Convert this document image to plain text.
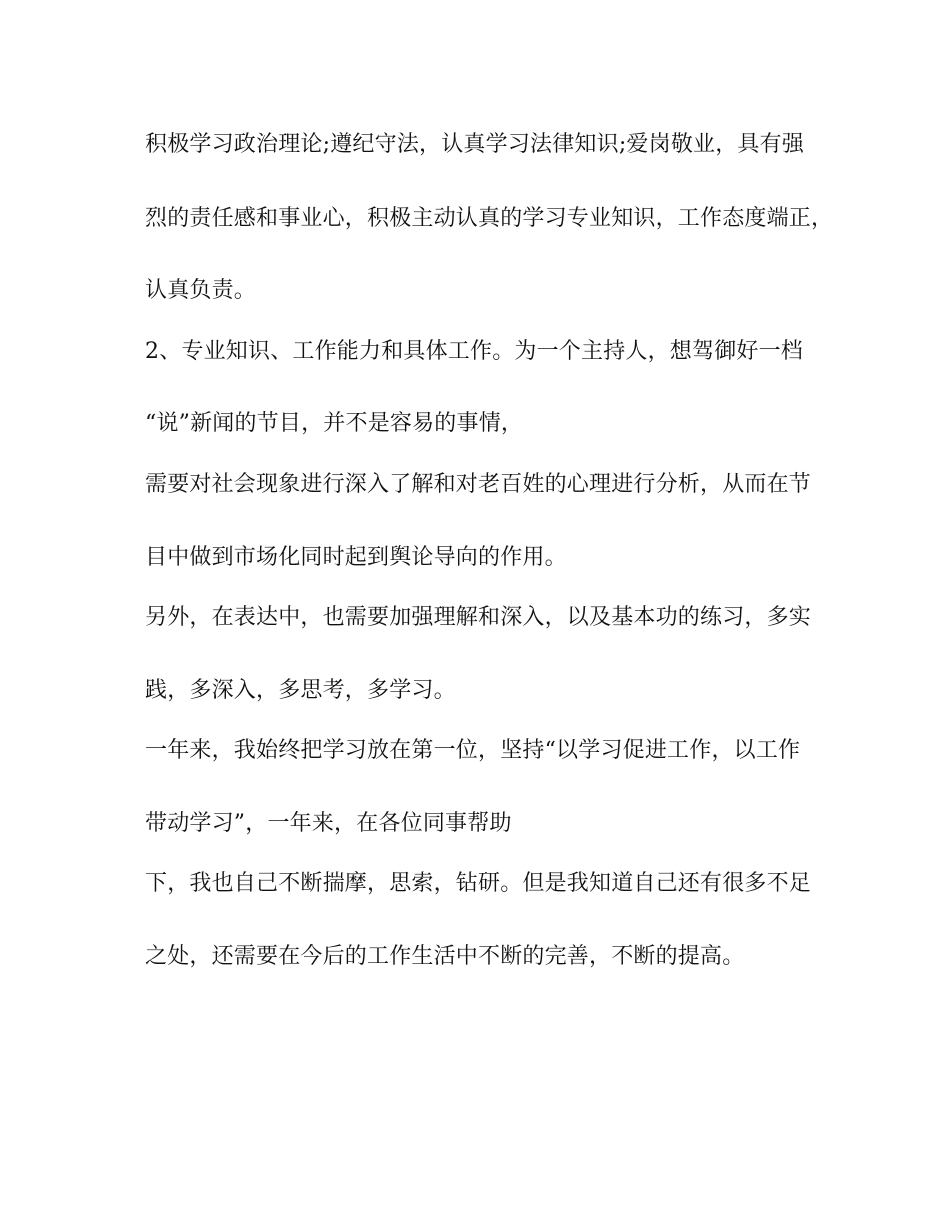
积极学习政治理论;遵纪守法，认真学习法律知识;爱岗敬业，具有强
烈的责任感和事业心，积极主动认真的学习专业知识，工作态度端正，
认真负责。
2、专业知识、工作能力和具体工作。为一个主持人，想驾御好一档
“说”新闻的节目，并不是容易的事情，
需要对社会现象进行深入了解和对老百姓的心理进行分析，从而在节
目中做到市场化同时起到舆论导向的作用。
另外，在表达中，也需要加强理解和深入，以及基本功的练习，多实
践，多深入，多思考，多学习。
一年来，我始终把学习放在第一位，坚持“以学习促进工作，以工作
带动学习”，一年来，在各位同事帮助
下，我也自己不断揣摩，思索，钻研。但是我知道自己还有很多不足
之处，还需要在今后的工作生活中不断的完善，不断的提高。
